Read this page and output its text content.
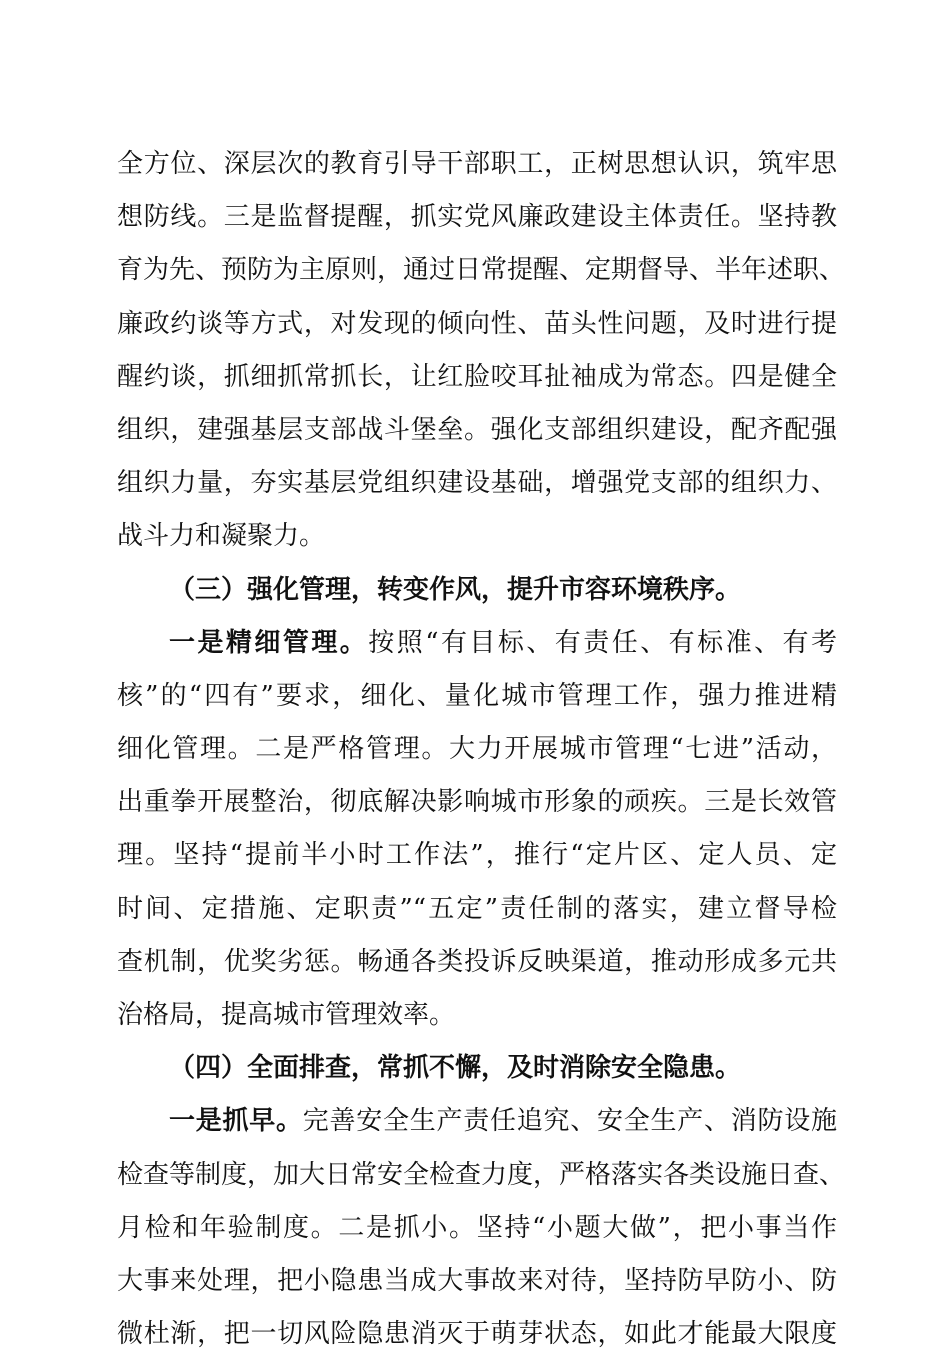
全方位、深层次的教育引导干部职工，正树思想认识，筑牢思
想防线。三是监督提醒，抓实党风廉政建设主体责任。坚持教
育为先、预防为主原则，通过日常提醒、定期督导、半年述职、
廉政约谈等方式，对发现的倾向性、苗头性问题，及时进行提
醒约谈，抓细抓常抓长，让红脸咬耳扯袖成为常态。四是健全
组织，建强基层支部战斗堡垒。强化支部组织建设，配齐配强
组织力量，夯实基层党组织建设基础，增强党支部的组织力、
战斗力和凝聚力。
（三）强化管理，转变作风，提升市容环境秩序。
一是精细管理。按照“有目标、有责任、有标准、有考
核”的“四有”要求，细化、量化城市管理工作，强力推进精
细化管理。二是严格管理。大力开展城市管理“七进”活动，
出重拳开展整治，彻底解决影响城市形象的顽疾。三是长效管
理。坚持“提前半小时工作法”，推行“定片区、定人员、定
时间、定措施、定职责”“五定”责任制的落实，建立督导检
查机制，优奖劣惩。畅通各类投诉反映渠道，推动形成多元共
治格局，提高城市管理效率。
（四）全面排查，常抓不懈，及时消除安全隐患。
一是抓早。完善安全生产责任追究、安全生产、消防设施
检查等制度，加大日常安全检查力度，严格落实各类设施日查、
月检和年验制度。二是抓小。坚持“小题大做”，把小事当作
大事来处理，把小隐患当成大事故来对待，坚持防早防小、防
微杜渐，把一切风险隐患消灭于萌芽状态，如此才能最大限度
